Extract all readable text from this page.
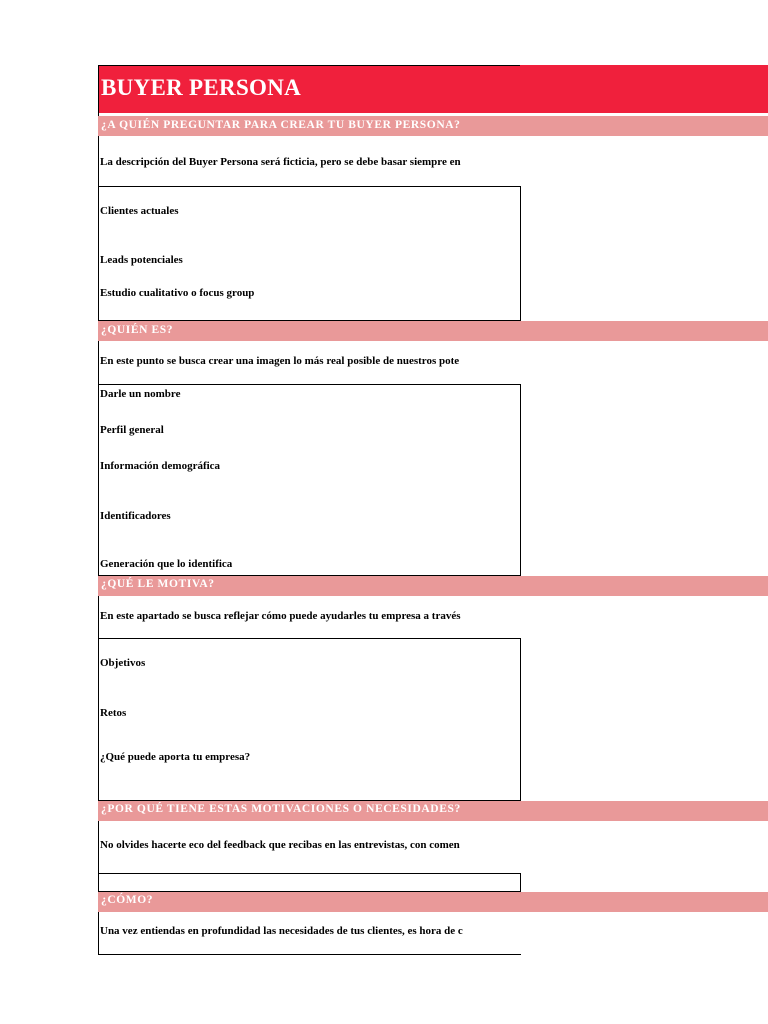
BUYER PERSONA
¿A QUIÉN PREGUNTAR PARA CREAR TU BUYER PERSONA?
La descripción del Buyer Persona será ficticia, pero se debe basar siempre en
Clientes actuales
Leads potenciales
Estudio cualitativo o focus group
¿QUIÉN ES?
En este punto se busca crear una imagen lo más real posible de nuestros pote
Darle un nombre
Perfil general
Información demográfica
Identificadores
Generación que lo identifica
¿QUÉ LE MOTIVA?
En este apartado se busca reflejar cómo puede ayudarles tu empresa a través
Objetivos
Retos
¿Qué puede aporta tu empresa?
¿POR QUÉ TIENE ESTAS MOTIVACIONES O NECESIDADES?
No olvides hacerte eco del feedback que recibas en las entrevistas, con comen
¿CÓMO?
Una vez entiendas en profundidad las necesidades de tus clientes, es hora de c
